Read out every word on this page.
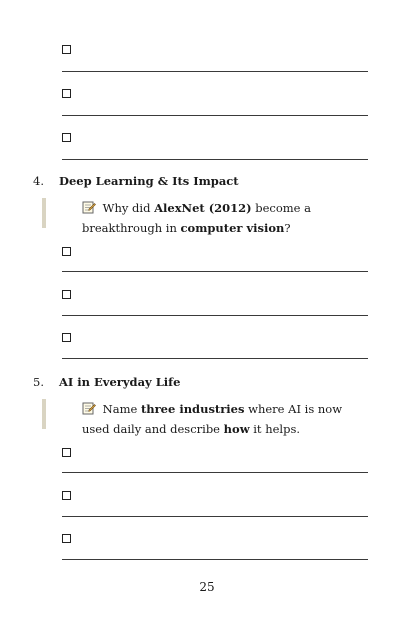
4.	Deep Learning & Its Impact
Why did AlexNet (2012) become a breakthrough in computer vision?
5.	AI in Everyday Life
Name three industries where AI is now used daily and describe how it helps.
25
